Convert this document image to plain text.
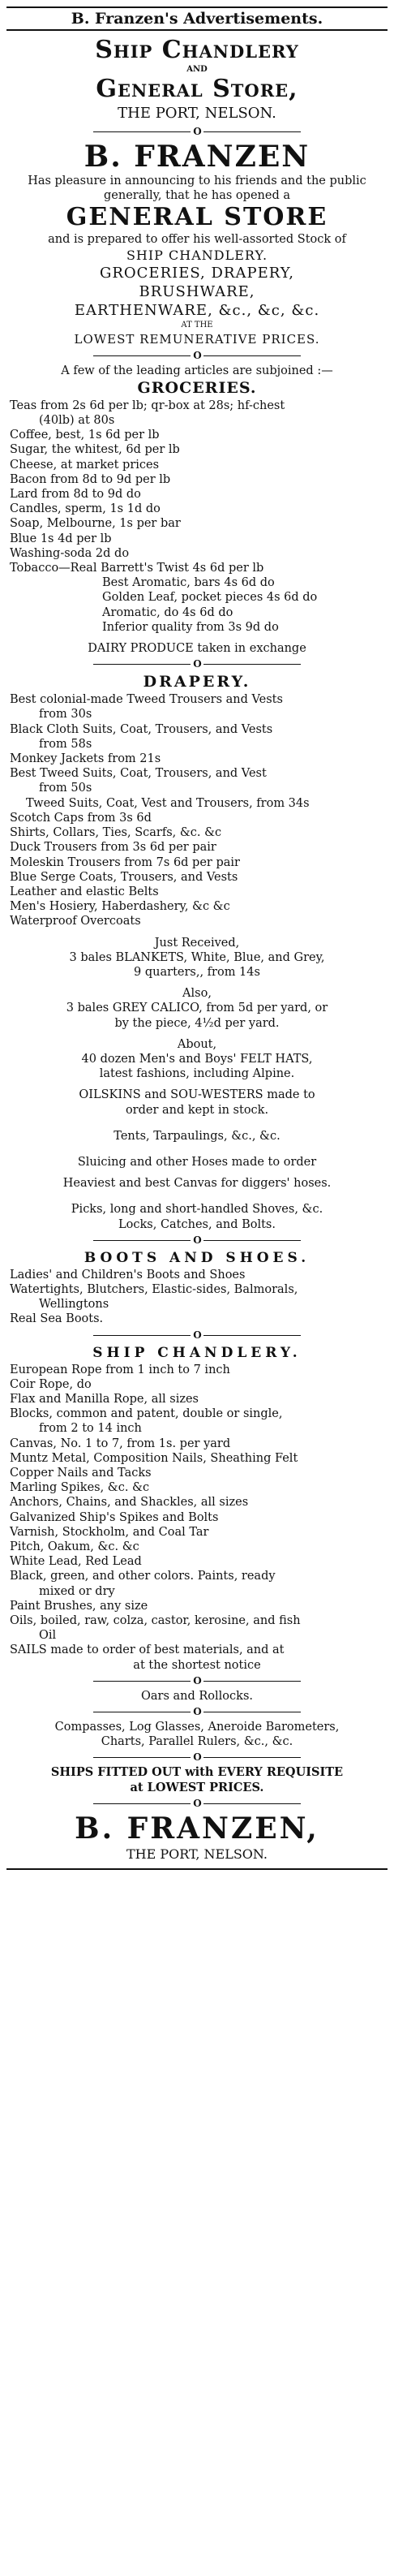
B. Franzen's Advertisements.
Ship Chandlery
AND
General Store,
THE PORT, NELSON.
O
B. FRANZEN
Has pleasure in announcing to his friends and the public generally, that he has opened a
GENERAL STORE
and is prepared to offer his well-assorted Stock of
SHIP CHANDLERY.
GROCERIES, DRAPERY,
BRUSHWARE,
EARTHENWARE, &c., &c, &c.
AT THE
LOWEST REMUNERATIVE PRICES.
O
A few of the leading articles are subjoined :—
GROCERIES.
Teas from 2s 6d per lb; qr-box at 28s; hf-chest
(40lb) at 80s
Coffee, best, 1s 6d per lb
Sugar, the whitest, 6d per lb
Cheese, at market prices
Bacon from 8d to 9d per lb
Lard from 8d to 9d do
Candles, sperm, 1s 1d do
Soap, Melbourne, 1s per bar
Blue 1s 4d per lb
Washing-soda 2d do
Tobacco—Real Barrett's Twist 4s 6d per lb
Best Aromatic, bars 4s 6d do
Golden Leaf, pocket pieces 4s 6d do
Aromatic, do 4s 6d do
Inferior quality from 3s 9d do
DAIRY PRODUCE taken in exchange
O
DRAPERY.
Best colonial-made Tweed Trousers and Vests
from 30s
Black Cloth Suits, Coat, Trousers, and Vests
from 58s
Monkey Jackets from 21s
Best Tweed Suits, Coat, Trousers, and Vest
from 50s
Tweed Suits, Coat, Vest and Trousers, from 34s
Scotch Caps from 3s 6d
Shirts, Collars, Ties, Scarfs, &c. &c
Duck Trousers from 3s 6d per pair
Moleskin Trousers from 7s 6d per pair
Blue Serge Coats, Trousers, and Vests
Leather and elastic Belts
Men's Hosiery, Haberdashery, &c &c
Waterproof Overcoats
Just Received,
3 bales BLANKETS, White, Blue, and Grey,
9 quarters,, from 14s
Also,
3 bales GREY CALICO, from 5d per yard, or
by the piece, 4½d per yard.
About,
40 dozen Men's and Boys' FELT HATS,
latest fashions, including Alpine.
OILSKINS and SOU-WESTERS made to
order and kept in stock.
Tents, Tarpaulings, &c., &c.
Sluicing and other Hoses made to order
Heaviest and best Canvas for diggers' hoses.
Picks, long and short-handled Shoves, &c.
Locks, Catches, and Bolts.
O
BOOTS AND SHOES.
Ladies' and Children's Boots and Shoes
Watertights, Blutchers, Elastic-sides, Balmorals,
Wellingtons
Real Sea Boots.
O
SHIP CHANDLERY.
European Rope from 1 inch to 7 inch
Coir Rope, do
Flax and Manilla Rope, all sizes
Blocks, common and patent, double or single,
from 2 to 14 inch
Canvas, No. 1 to 7, from 1s. per yard
Muntz Metal, Composition Nails, Sheathing Felt
Copper Nails and Tacks
Marling Spikes, &c. &c
Anchors, Chains, and Shackles, all sizes
Galvanized Ship's Spikes and Bolts
Varnish, Stockholm, and Coal Tar
Pitch, Oakum, &c. &c
White Lead, Red Lead
Black, green, and other colors. Paints, ready
mixed or dry
Paint Brushes, any size
Oils, boiled, raw, colza, castor, kerosine, and fish
Oil
SAILS made to order of best materials, and at
at the shortest notice
O
Oars and Rollocks.
O
Compasses, Log Glasses, Aneroide Barometers,
Charts, Parallel Rulers, &c., &c.
O
SHIPS FITTED OUT with EVERY REQUISITE
at LOWEST PRICES.
O
B. FRANZEN,
THE PORT, NELSON.
